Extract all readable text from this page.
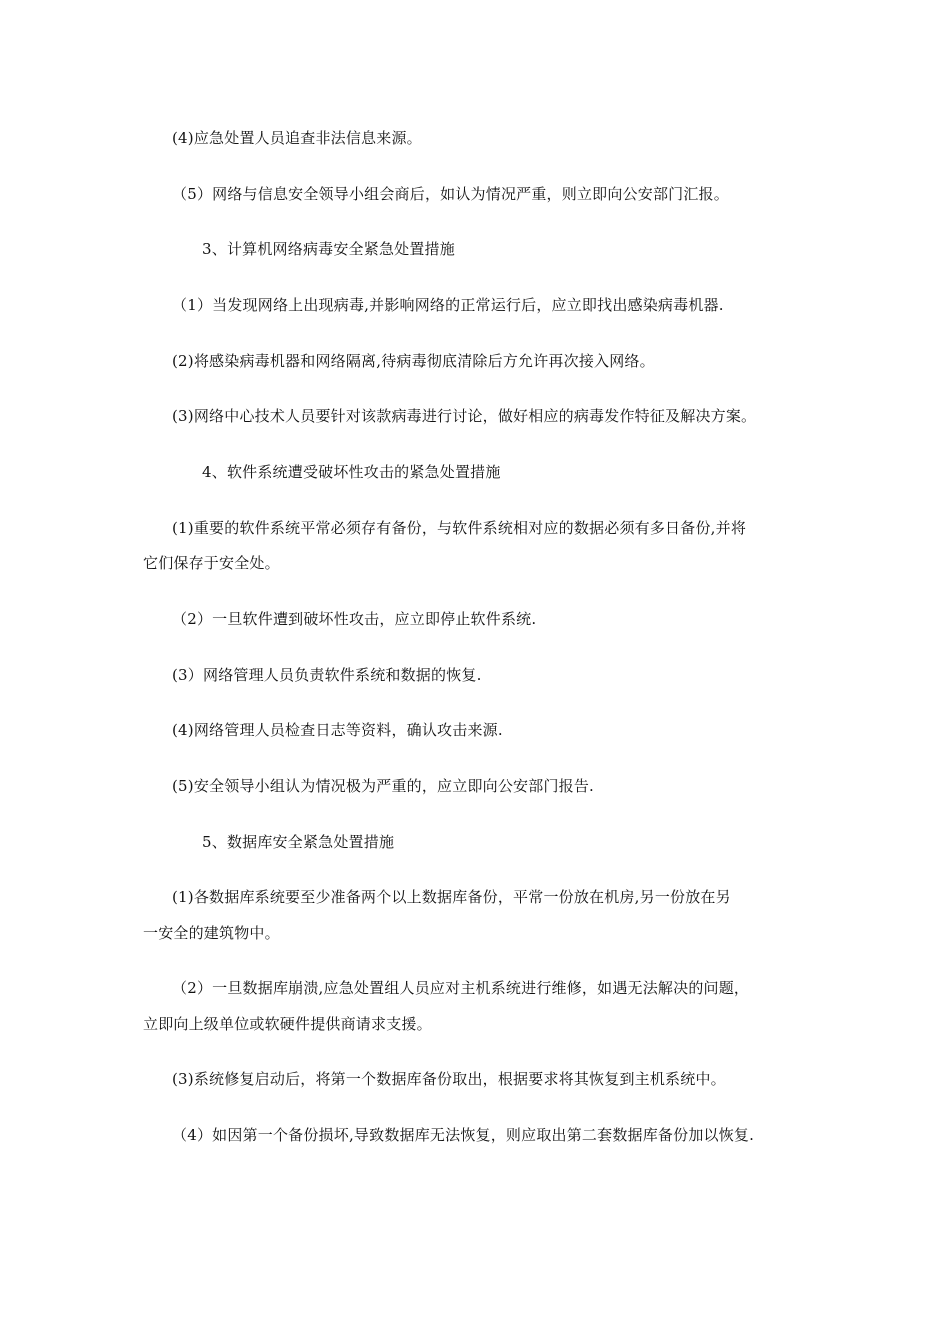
(4)应急处置人员追查非法信息来源。
（5）网络与信息安全领导小组会商后，如认为情况严重，则立即向公安部门汇报。
3、计算机网络病毒安全紧急处置措施
（1）当发现网络上出现病毒,并影响网络的正常运行后，应立即找出感染病毒机器.
(2)将感染病毒机器和网络隔离,待病毒彻底清除后方允许再次接入网络。
(3)网络中心技术人员要针对该款病毒进行讨论，做好相应的病毒发作特征及解决方案。
4、软件系统遭受破坏性攻击的紧急处置措施
(1)重要的软件系统平常必须存有备份，与软件系统相对应的数据必须有多日备份,并将
它们保存于安全处。
（2）一旦软件遭到破坏性攻击，应立即停止软件系统.
(3）网络管理人员负责软件系统和数据的恢复.
(4)网络管理人员检查日志等资料，确认攻击来源.
(5)安全领导小组认为情况极为严重的，应立即向公安部门报告.
5、数据库安全紧急处置措施
(1)各数据库系统要至少准备两个以上数据库备份，平常一份放在机房,另一份放在另
一安全的建筑物中。
（2）一旦数据库崩溃,应急处置组人员应对主机系统进行维修，如遇无法解决的问题，
立即向上级单位或软硬件提供商请求支援。
(3)系统修复启动后，将第一个数据库备份取出，根据要求将其恢复到主机系统中。
（4）如因第一个备份损坏,导致数据库无法恢复，则应取出第二套数据库备份加以恢复.
